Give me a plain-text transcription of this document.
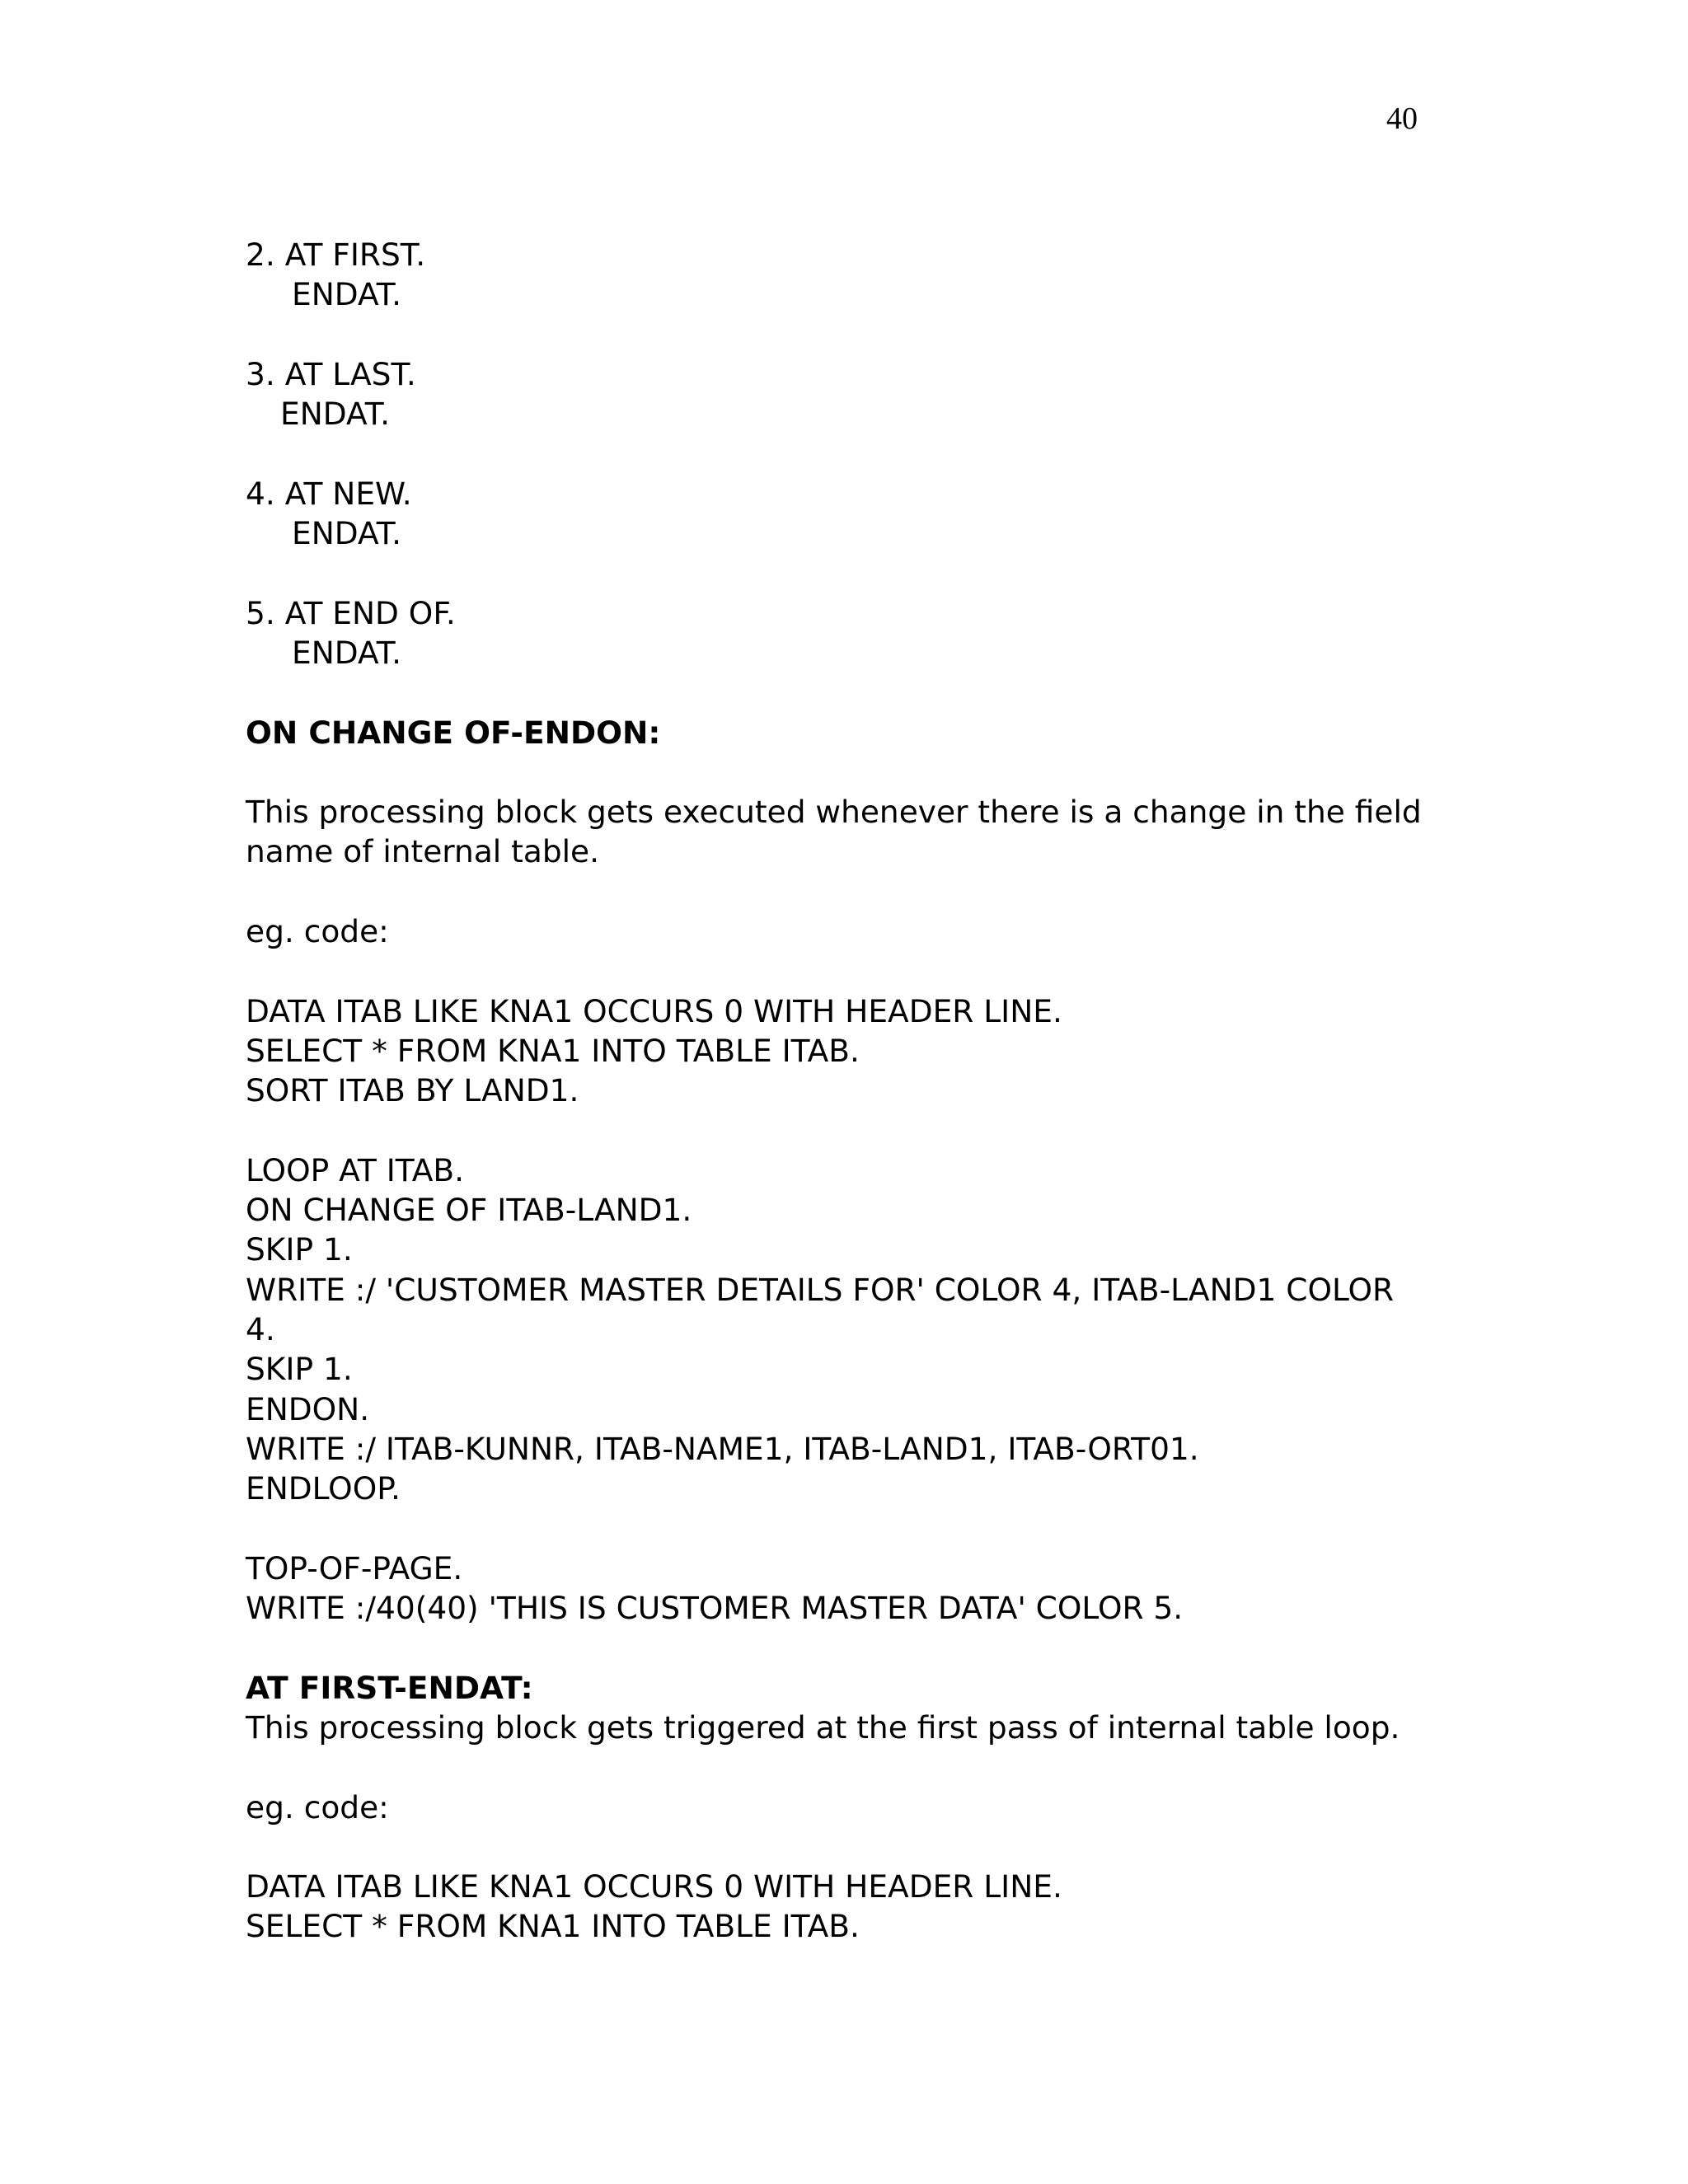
40
2. AT FIRST.
ENDAT.
3. AT LAST.
ENDAT.
4. AT NEW.
ENDAT.
5. AT END OF.
ENDAT.
ON CHANGE OF-ENDON:
This processing block gets executed whenever there is a change in the field name of internal table.
eg. code:
DATA ITAB LIKE KNA1 OCCURS 0 WITH HEADER LINE.
SELECT * FROM KNA1 INTO TABLE ITAB.
SORT ITAB BY LAND1.
LOOP AT ITAB.
ON CHANGE OF ITAB-LAND1.
SKIP 1.
WRITE :/ 'CUSTOMER MASTER DETAILS FOR' COLOR 4, ITAB-LAND1 COLOR
4.
SKIP 1.
ENDON.
WRITE :/ ITAB-KUNNR, ITAB-NAME1, ITAB-LAND1, ITAB-ORT01.
ENDLOOP.
TOP-OF-PAGE.
WRITE :/40(40) 'THIS IS CUSTOMER MASTER DATA' COLOR 5.
AT FIRST-ENDAT:
This processing block gets triggered at the first pass of internal table loop.
eg. code:
DATA ITAB LIKE KNA1 OCCURS 0 WITH HEADER LINE.
SELECT * FROM KNA1 INTO TABLE ITAB.
